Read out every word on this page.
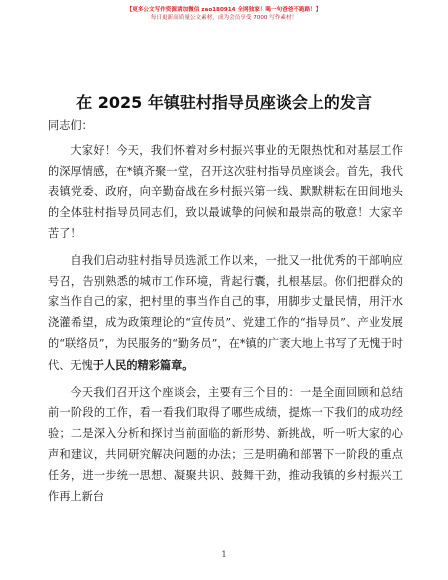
【更多公文写作资源请加微信 zao180914 全网独家！喝一句爸爸不跑路！】
每日更新高质量公文素材，成为会员享受 7000 写作素材！
在 2025 年镇驻村指导员座谈会上的发言

同志们：

大家好！今天，我们怀着对乡村振兴事业的无限热忱和对基层工作的深厚情感，在*镇齐聚一堂，召开这次驻村指导员座谈会。首先，我代表镇党委、政府，向辛勤奋战在乡村振兴第一线、默默耕耘在田间地头的全体驻村指导员同志们，致以最诚挚的问候和最崇高的敬意！大家辛苦了！

自我们启动驻村指导员选派工作以来，一批又一批优秀的干部响应号召，告别熟悉的城市工作环境，背起行囊，扎根基层。你们把群众的家当作自己的家，把村里的事当作自己的事，用脚步丈量民情，用汗水浇灌希望，成为政策理论的“宣传员”、党建工作的“指导员”、产业发展的“联络员”，为民服务的“勤务员”，在*镇的广袤大地上书写了无愧于时代、无愧于人民的精彩篇章。

今天我们召开这个座谈会，主要有三个目的：一是全面回顾和总结前一阶段的工作，看一看我们取得了哪些成绩，提炼一下我们的成功经验；二是深入分析和探讨当前面临的新形势、新挑战，听一听大家的心声和建议，共同研究解决问题的办法；三是明确和部署下一阶段的重点任务，进一步统一思想、凝聚共识、鼓舞干劲，推动我镇的乡村振兴工作再上新台

1
